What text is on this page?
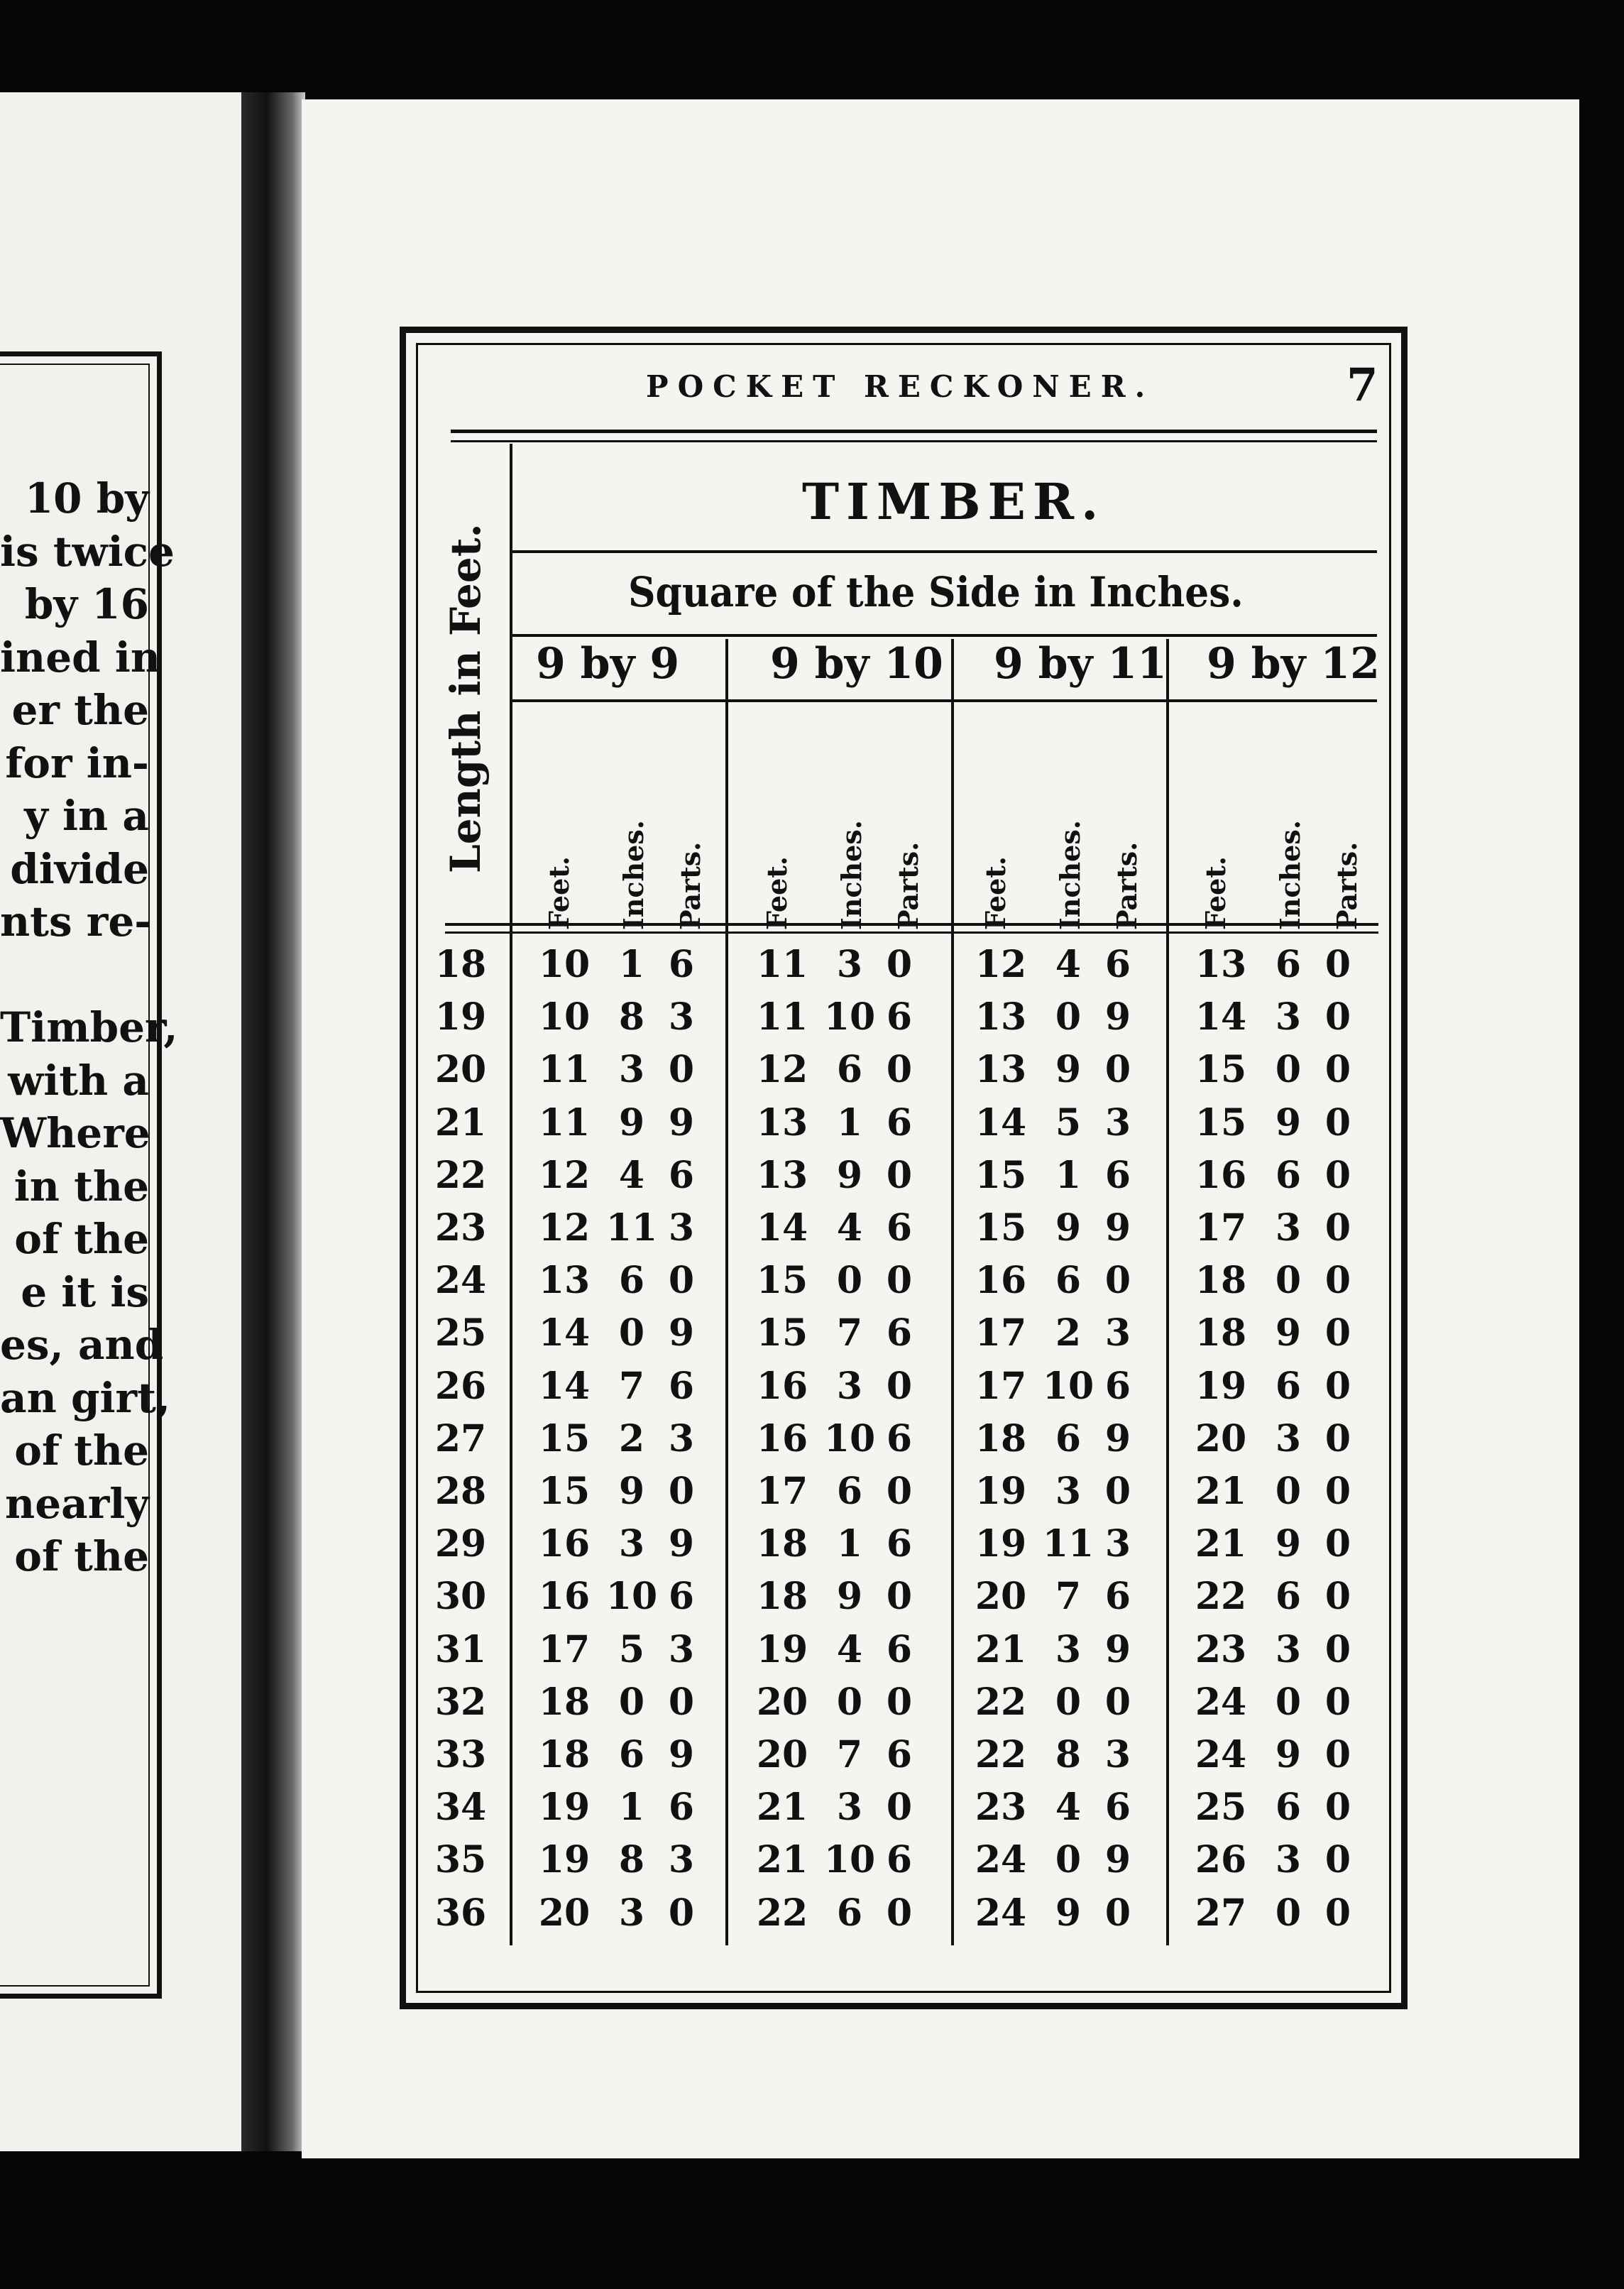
10 by
is twice
by 16
ined in
er the
for in-
y in a
divide
nts re-

Timber,
with a
Where
in the
of the
e it is
es, and
an girt,
of the
nearly
of the
POCKET RECKONER.	7
TIMBER.
Square of the Side in Inches.
Length in Feet. 9 by 9 9 by 10 9 by 11 9 by 12
Feet. Inches. Parts. Feet. Inches. Parts. Feet. Inches. Parts. Feet. Inches. Parts.
18 10 1 6 11 3 0 12 4 6 13 6 0
19 10 8 3 11 10 6 13 0 9 14 3 0
20 11 3 0 12 6 0 13 9 0 15 0 0
21 11 9 9 13 1 6 14 5 3 15 9 0
22 12 4 6 13 9 0 15 1 6 16 6 0
23 12 11 3 14 4 6 15 9 9 17 3 0
24 13 6 0 15 0 0 16 6 0 18 0 0
25 14 0 9 15 7 6 17 2 3 18 9 0
26 14 7 6 16 3 0 17 10 6 19 6 0
27 15 2 3 16 10 6 18 6 9 20 3 0
28 15 9 0 17 6 0 19 3 0 21 0 0
29 16 3 9 18 1 6 19 11 3 21 9 0
30 16 10 6 18 9 0 20 7 6 22 6 0
31 17 5 3 19 4 6 21 3 9 23 3 0
32 18 0 0 20 0 0 22 0 0 24 0 0
33 18 6 9 20 7 6 22 8 3 24 9 0
34 19 1 6 21 3 0 23 4 6 25 6 0
35 19 8 3 21 10 6 24 0 9 26 3 0
36 20 3 0 22 6 0 24 9 0 27 0 0
